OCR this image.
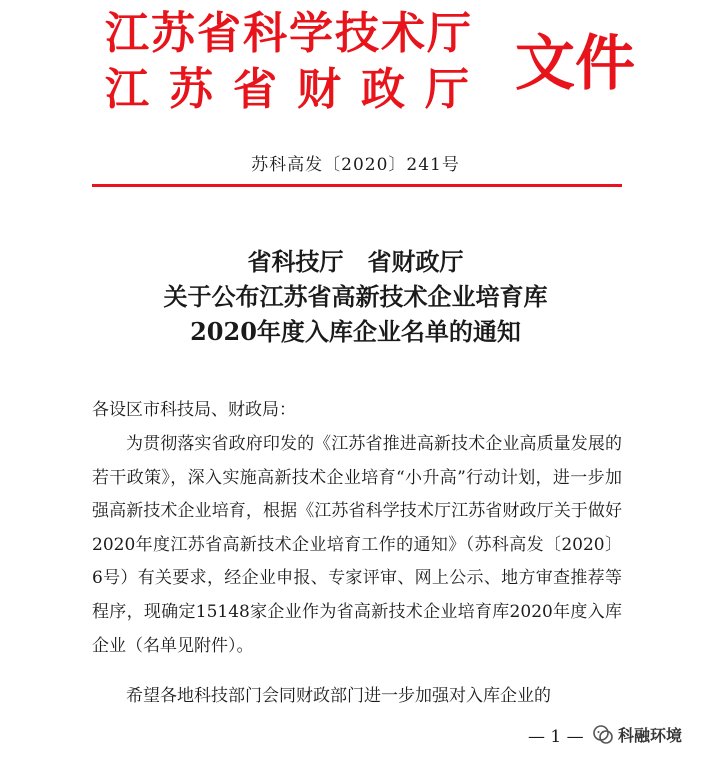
江苏省科学技术厅
江苏省财政厅 文件
苏科高发〔2020〕241号
省科技厅　省财政厅
关于公布江苏省高新技术企业培育库
2020年度入库企业名单的通知
各设区市科技局、财政局：
为贯彻落实省政府印发的《江苏省推进高新技术企业高质量发展的若干政策》，深入实施高新技术企业培育“小升高”行动计划，进一步加强高新技术企业培育，根据《江苏省科学技术厅江苏省财政厅关于做好2020年度江苏省高新技术企业培育工作的通知》（苏科高发〔2020〕6号）有关要求，经企业申报、专家评审、网上公示、地方审查推荐等程序，现确定15148家企业作为省高新技术企业培育库2020年度入库企业（名单见附件）。
希望各地科技部门会同财政部门进一步加强对入库企业的
— 1 — 科融环境
